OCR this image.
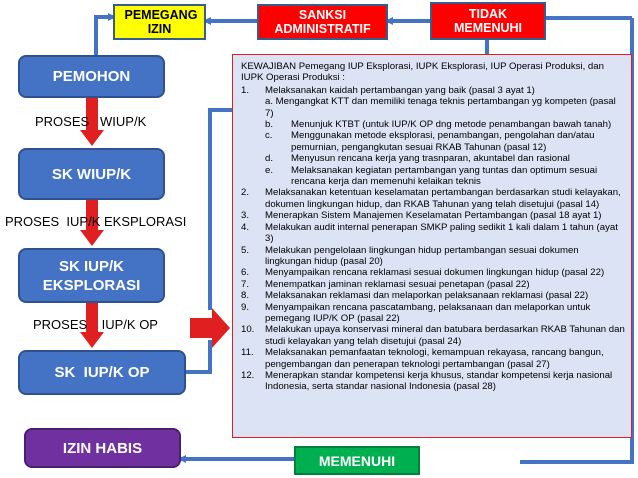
PEMEGANG IZIN
SANKSI ADMINISTRATIF
TIDAK MEMENUHI
PEMOHON
SK WIUP/K
SK IUP/K EKSPLORASI
SK  IUP/K OP
IZIN HABIS
PROSES   WIUP/K
PROSES  IUP/K EKSPLORASI
PROSES    IUP/K OP
MEMENUHI
KEWAJIBAN Pemegang IUP Eksplorasi, IUPK Eksplorasi, IUP Operasi Produksi, dan IUPK Operasi Produksi :
1.	Melaksanakan kaidah pertambangan yang baik (pasal 3 ayat 1)
a. Mengangkat KTT dan memiliki tenaga teknis pertambangan yg kompeten (pasal 7)
b.	Menunjuk KTBT (untuk IUP/K OP dng metode penambangan bawah tanah)
c.	Menggunakan metode eksplorasi, penambangan, pengolahan dan/atau pemurnian, pengangkutan sesuai RKAB Tahunan (pasal 12)
d.	Menyusun rencana kerja yang trasnparan, akuntabel dan rasional
e.	Melaksanakan kegiatan pertambangan yang tuntas dan optimum sesuai rencana kerja dan memenuhi kelaikan teknis
2.	Melaksanakan ketentuan keselamatan pertambangan berdasarkan studi kelayakan, dokumen lingkungan hidup, dan RKAB Tahunan yang telah disetujui (pasal 14)
3.	Menerapkan Sistem Manajemen Keselamatan Pertambangan (pasal 18 ayat 1)
4.	Melakukan audit internal penerapan SMKP paling sedikit 1 kali dalam 1 tahun (ayat 3)
5.	Melakukan pengelolaan lingkungan hidup pertambangan sesuai dokumen lingkungan hidup (pasal 20)
6.	Menyampaikan rencana reklamasi sesuai dokumen lingkungan hidup (pasal 22)
7.	Menempatkan jaminan reklamasi sesuai penetapan (pasal 22)
8.	Melaksanakan reklamasi dan melaporkan pelaksanaan reklamasi (pasal 22)
9.	Menyampaikan rencana pascatambang, pelaksanaan dan melaporkan untuk pemegang IUP/K OP (pasal 22)
10.	Melakukan upaya konservasi mineral dan batubara berdasarkan RKAB Tahunan dan studi kelayakan yang telah disetujui (pasal 24)
11.	Melaksanakan pemanfaatan teknologi, kemampuan rekayasa, rancang bangun, pengembangan dan penerapan teknologi pertambangan (pasal 27)
12.	Menerapkan standar kompetensi kerja khusus, standar kompetensi kerja nasional Indonesia, serta standar nasional Indonesia (pasal 28)
